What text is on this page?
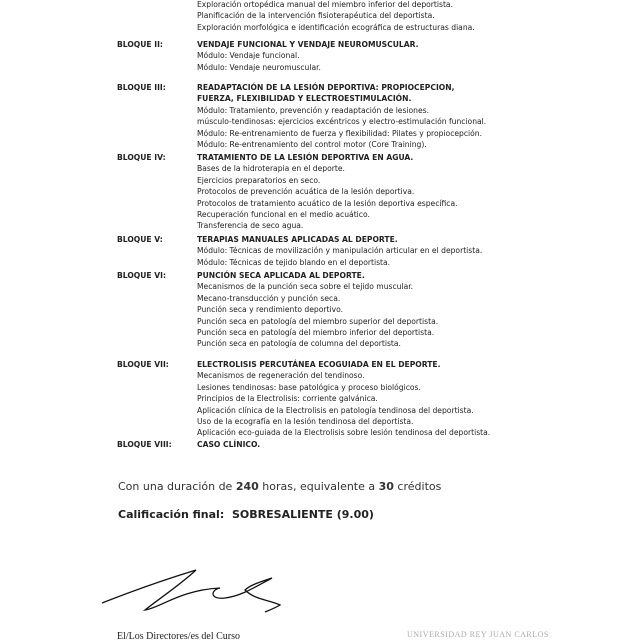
Exploración ortopédica manual del miembro inferior del deportista.
Planificación de la intervención fisioterapéutica del deportista.
Exploración morfológica e identificación ecográfica de estructuras diana.
BLOQUE II:	VENDAJE FUNCIONAL Y VENDAJE NEUROMUSCULAR.
Módulo: Vendaje funcional.
Módulo: Vendaje neuromuscular.
BLOQUE III:	READAPTACIÓN DE LA LESIÓN DEPORTIVA: PROPIOCEPCION,
FUERZA, FLEXIBILIDAD Y ELECTROESTIMULACIÓN.
Módulo: Tratamiento, prevención y readaptación de lesiones.
músculo-tendinosas: ejercicios excéntricos y electro-estimulación funcional.
Módulo: Re-entrenamiento de fuerza y flexibilidad: Pilates y propiocepción.
Módulo: Re-entrenamiento del control motor (Core Training).
BLOQUE IV:	TRATAMIENTO DE LA LESIÓN DEPORTIVA EN AGUA.
Bases de la hidroterapia en el deporte.
Ejercicios preparatorios en seco.
Protocolos de prevención acuática de la lesión deportiva.
Protocolos de tratamiento acuático de la lesión deportiva específica.
Recuperación funcional en el medio acuático.
Transferencia de seco agua.
BLOQUE V:	TERAPIAS MANUALES APLICADAS AL DEPORTE.
Módulo: Técnicas de movilización y manipulación articular en el deportista.
Módulo: Técnicas de tejido blando en el deportista.
BLOQUE VI:	PUNCIÓN SECA APLICADA AL DEPORTE.
Mecanismos de la punción seca sobre el tejido muscular.
Mecano-transducción y punción seca.
Punción seca y rendimiento deportivo.
Punción seca en patología del miembro superior del deportista.
Punción seca en patología del miembro inferior del deportista.
Punción seca en patología de columna del deportista.
BLOQUE VII:	ELECTROLISIS PERCUTÁNEA ECOGUIADA EN EL DEPORTE.
Mecanismos de regeneración del tendinoso.
Lesiones tendinosas: base patológica y proceso biológicos.
Principios de la Electrolisis: corriente galvánica.
Aplicación clínica de la Electrolisis en patología tendinosa del deportista.
Uso de la ecografía en la lesión tendinosa del deportista.
Aplicación eco-guiada de la Electrolisis sobre lesión tendinosa del deportista.
BLOQUE VIII:	CASO CLÍNICO.
Con una duración de 240 horas, equivalente a 30 créditos
Calificación final: SOBRESALIENTE (9.00)
El/Los Directores/es del Curso	UNIVERSIDAD REY JUAN CARLOS
